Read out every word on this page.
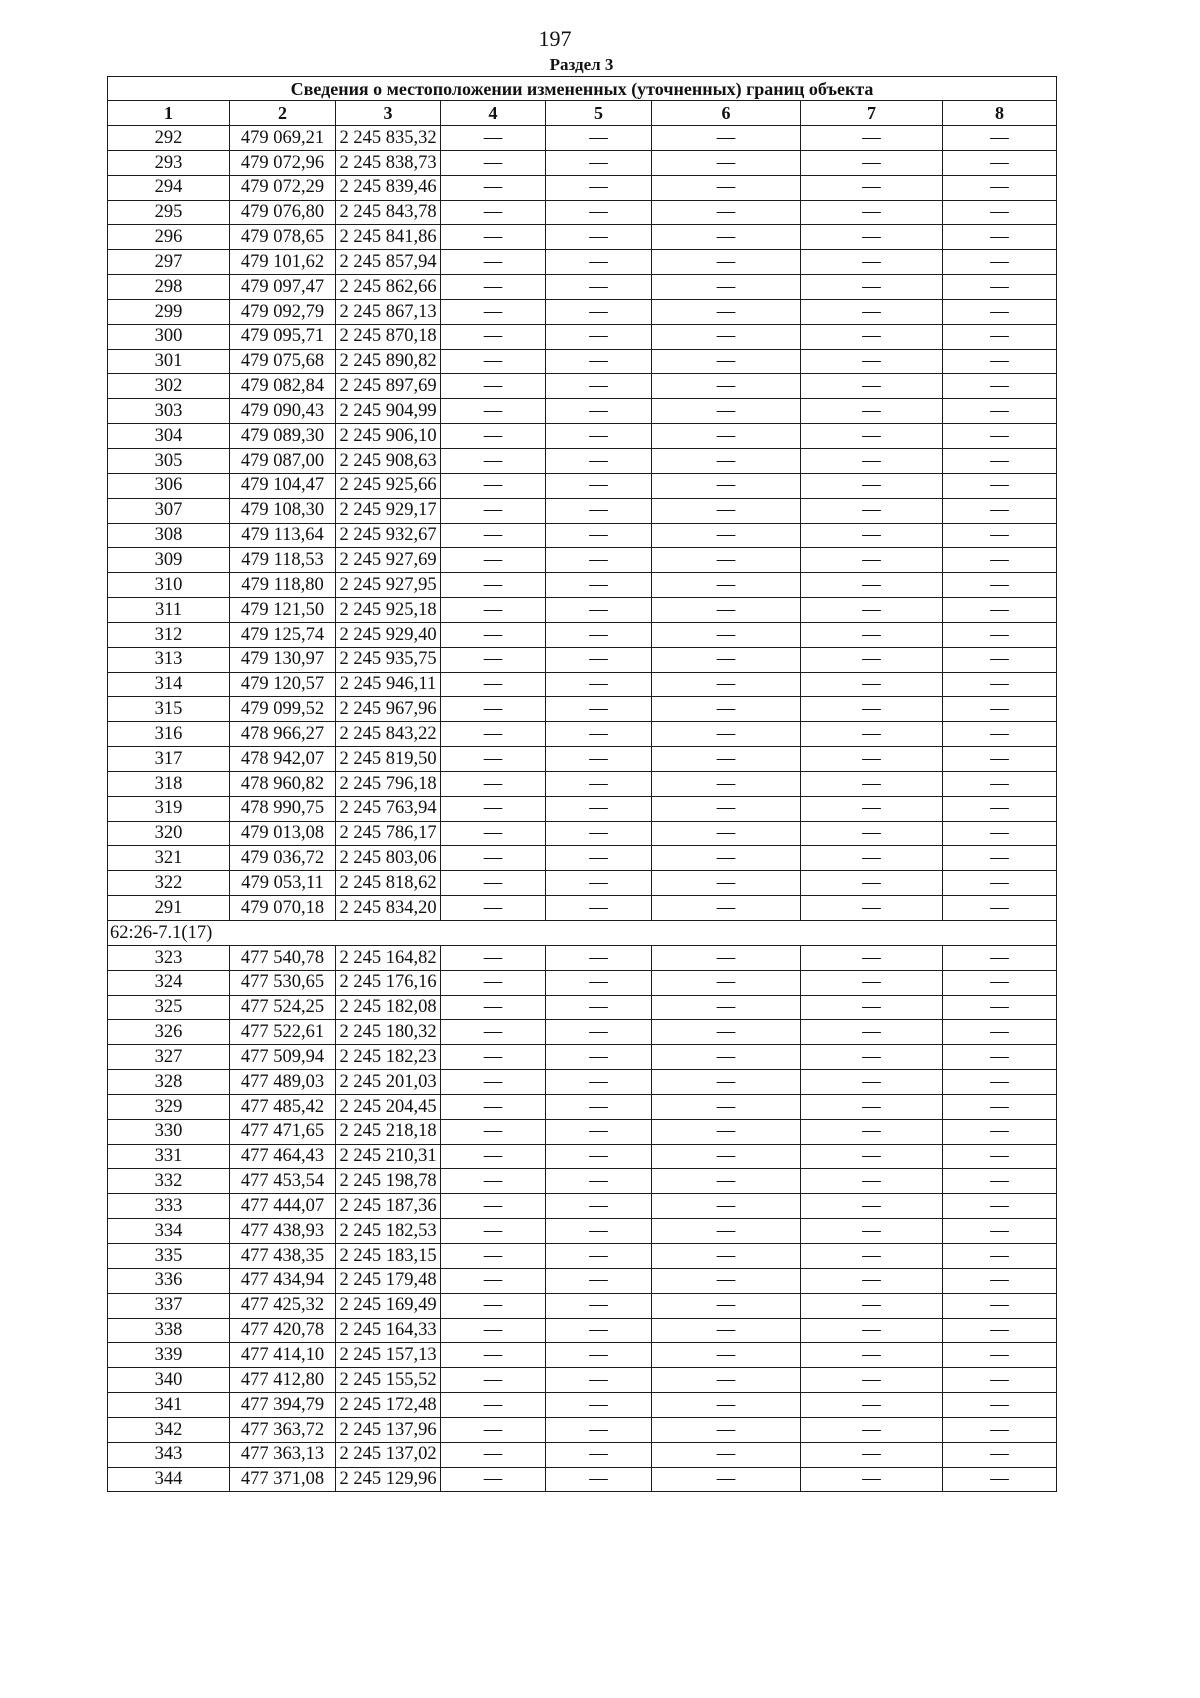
197
Раздел 3
Сведения о местоположении измененных (уточненных) границ объекта							
1	2	3	4	5	6	7	8
292	479 069,21	2 245 835,32	—	—	—	—	—
293	479 072,96	2 245 838,73	—	—	—	—	—
294	479 072,29	2 245 839,46	—	—	—	—	—
295	479 076,80	2 245 843,78	—	—	—	—	—
296	479 078,65	2 245 841,86	—	—	—	—	—
297	479 101,62	2 245 857,94	—	—	—	—	—
298	479 097,47	2 245 862,66	—	—	—	—	—
299	479 092,79	2 245 867,13	—	—	—	—	—
300	479 095,71	2 245 870,18	—	—	—	—	—
301	479 075,68	2 245 890,82	—	—	—	—	—
302	479 082,84	2 245 897,69	—	—	—	—	—
303	479 090,43	2 245 904,99	—	—	—	—	—
304	479 089,30	2 245 906,10	—	—	—	—	—
305	479 087,00	2 245 908,63	—	—	—	—	—
306	479 104,47	2 245 925,66	—	—	—	—	—
307	479 108,30	2 245 929,17	—	—	—	—	—
308	479 113,64	2 245 932,67	—	—	—	—	—
309	479 118,53	2 245 927,69	—	—	—	—	—
310	479 118,80	2 245 927,95	—	—	—	—	—
311	479 121,50	2 245 925,18	—	—	—	—	—
312	479 125,74	2 245 929,40	—	—	—	—	—
313	479 130,97	2 245 935,75	—	—	—	—	—
314	479 120,57	2 245 946,11	—	—	—	—	—
315	479 099,52	2 245 967,96	—	—	—	—	—
316	478 966,27	2 245 843,22	—	—	—	—	—
317	478 942,07	2 245 819,50	—	—	—	—	—
318	478 960,82	2 245 796,18	—	—	—	—	—
319	478 990,75	2 245 763,94	—	—	—	—	—
320	479 013,08	2 245 786,17	—	—	—	—	—
321	479 036,72	2 245 803,06	—	—	—	—	—
322	479 053,11	2 245 818,62	—	—	—	—	—
291	479 070,18	2 245 834,20	—	—	—	—	—
62:26-7.1(17)							
323	477 540,78	2 245 164,82	—	—	—	—	—
324	477 530,65	2 245 176,16	—	—	—	—	—
325	477 524,25	2 245 182,08	—	—	—	—	—
326	477 522,61	2 245 180,32	—	—	—	—	—
327	477 509,94	2 245 182,23	—	—	—	—	—
328	477 489,03	2 245 201,03	—	—	—	—	—
329	477 485,42	2 245 204,45	—	—	—	—	—
330	477 471,65	2 245 218,18	—	—	—	—	—
331	477 464,43	2 245 210,31	—	—	—	—	—
332	477 453,54	2 245 198,78	—	—	—	—	—
333	477 444,07	2 245 187,36	—	—	—	—	—
334	477 438,93	2 245 182,53	—	—	—	—	—
335	477 438,35	2 245 183,15	—	—	—	—	—
336	477 434,94	2 245 179,48	—	—	—	—	—
337	477 425,32	2 245 169,49	—	—	—	—	—
338	477 420,78	2 245 164,33	—	—	—	—	—
339	477 414,10	2 245 157,13	—	—	—	—	—
340	477 412,80	2 245 155,52	—	—	—	—	—
341	477 394,79	2 245 172,48	—	—	—	—	—
342	477 363,72	2 245 137,96	—	—	—	—	—
343	477 363,13	2 245 137,02	—	—	—	—	—
344	477 371,08	2 245 129,96	—	—	—	—	—
